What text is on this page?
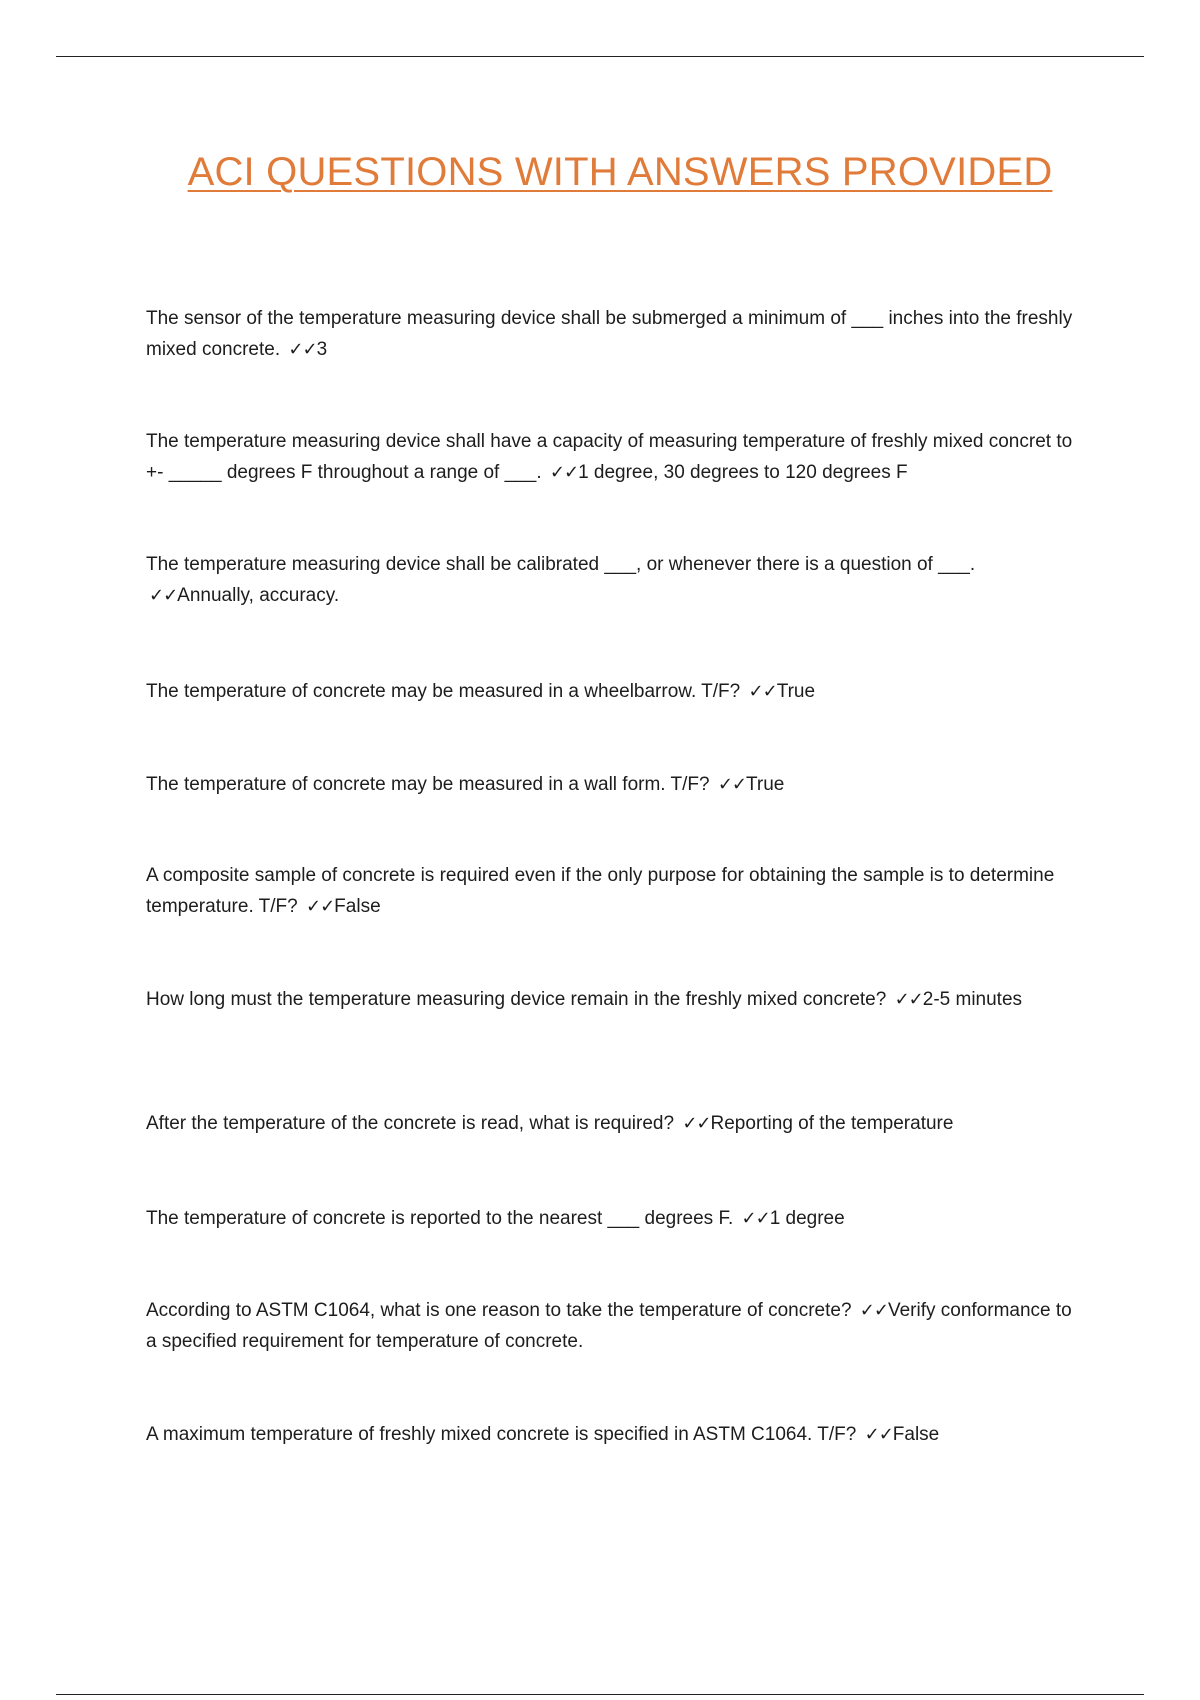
ACI QUESTIONS WITH ANSWERS PROVIDED
The sensor of the temperature measuring device shall be submerged a minimum of ___ inches into the freshly mixed concrete. ✓✓3
The temperature measuring device shall have a capacity of measuring temperature of freshly mixed concret to +- _____ degrees F throughout a range of ___. ✓✓1 degree, 30 degrees to 120 degrees F
The temperature measuring device shall be calibrated ___, or whenever there is a question of ___. ✓✓Annually, accuracy.
The temperature of concrete may be measured in a wheelbarrow. T/F? ✓✓True
The temperature of concrete may be measured in a wall form. T/F? ✓✓True
A composite sample of concrete is required even if the only purpose for obtaining the sample is to determine temperature. T/F? ✓✓False
How long must the temperature measuring device remain in the freshly mixed concrete? ✓✓2-5 minutes
After the temperature of the concrete is read, what is required? ✓✓Reporting of the temperature
The temperature of concrete is reported to the nearest ___ degrees F. ✓✓1 degree
According to ASTM C1064, what is one reason to take the temperature of concrete? ✓✓Verify conformance to a specified requirement for temperature of concrete.
A maximum temperature of freshly mixed concrete is specified in ASTM C1064. T/F? ✓✓False
